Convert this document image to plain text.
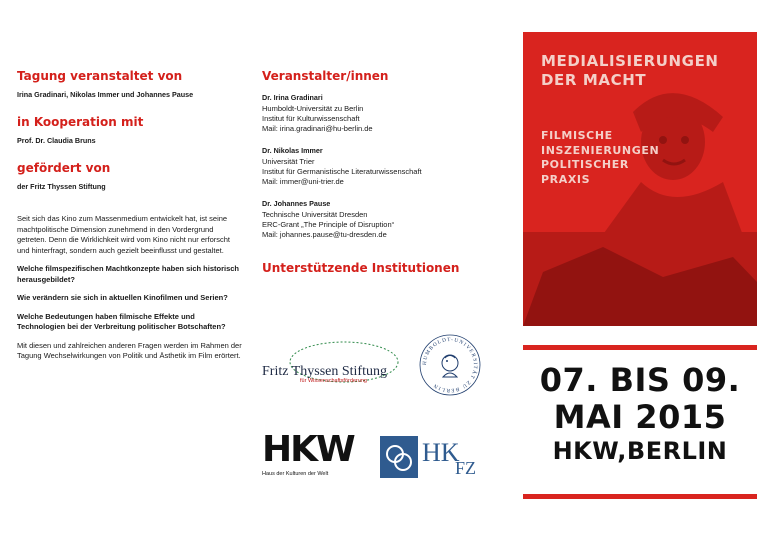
Tagung veranstaltet von
Irina Gradinari, Nikolas Immer und Johannes Pause
in Kooperation mit
Prof. Dr. Claudia Bruns
gefördert von
der Fritz Thyssen Stiftung
Seit sich das Kino zum Massenmedium entwickelt hat, ist seine machtpolitische Dimension zunehmend in den Vordergrund getreten. Denn die Wirklichkeit wird vom Kino nicht nur erforscht und hinterfragt, sondern auch gezielt beeinflusst und gestaltet.
Welche filmspezifischen Machtkonzepte haben sich historisch herausgebildet?
Wie verändern sie sich in aktuellen Kinofilmen und Serien?
Welche Bedeutungen haben filmische Effekte und Technologien bei der Verbreitung politischer Botschaften?
Mit diesen und zahlreichen anderen Fragen werden im Rahmen der Tagung Wechselwirkungen von Politik und Ästhetik im Film erörtert.
Veranstalter/innen
Dr. Irina Gradinari
Humboldt-Universität zu Berlin
Institut für Kulturwissenschaft
Mail: irina.gradinari@hu-berlin.de
Dr. Nikolas Immer
Universität Trier
Institut für Germanistische Literaturwissenschaft
Mail: immer@uni-trier.de
Dr. Johannes Pause
Technische Universität Dresden
ERC-Grant „The Principle of Disruption“
Mail: johannes.pause@tu-dresden.de
Unterstützende Institutionen
Fritz Thyssen Stiftung
für Wissenschaftsförderung
HUMBOLDT-UNIVERSITÄT ZU BERLIN
HKW
Haus der Kulturen der Welt
HK
FZ
MEDIALISIERUNGEN
DER MACHT
FILMISCHE
INSZENIERUNGEN
POLITISCHER
PRAXIS
07. BIS 09.
MAI 2015
HKW,BERLIN
